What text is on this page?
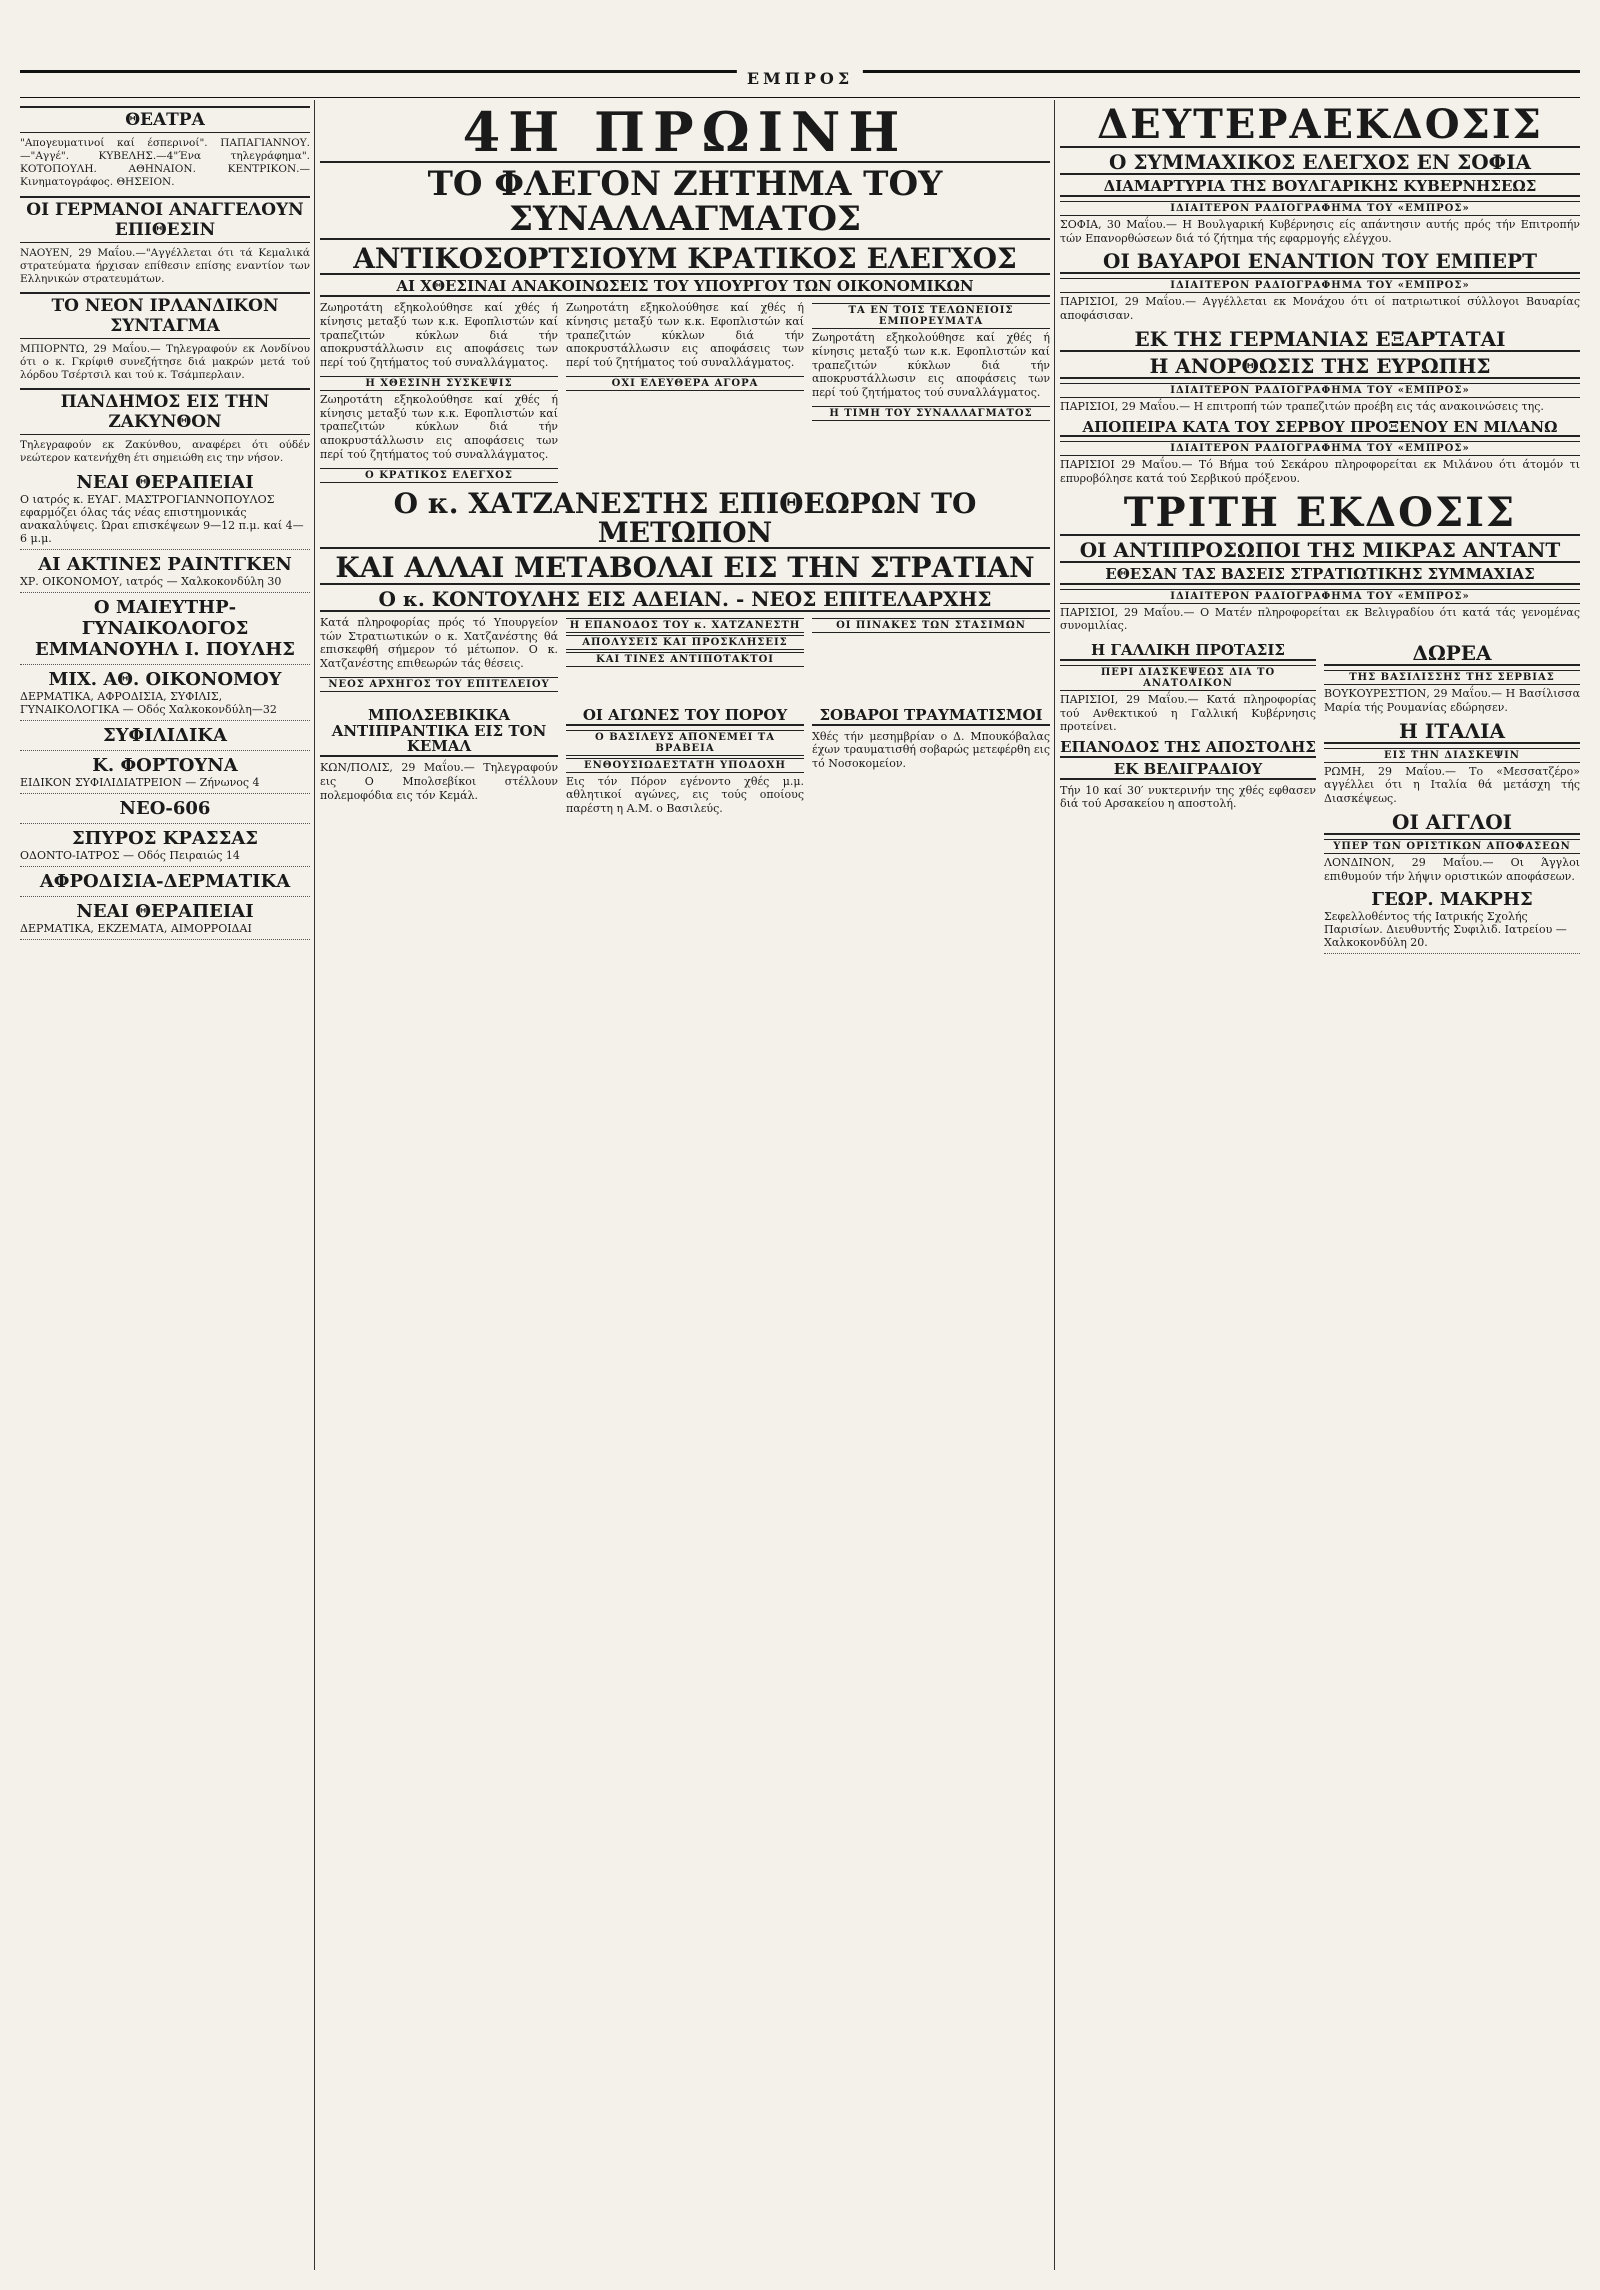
ΕΜΠΡΟΣ
ΘΕΑΤΡΑ

"Απογευματινοί καί έσπερινοί". ΠΑΠΑΓΙΑΝΝΟΥ.—"Αγγέ". ΚΥΒΕΛΗΣ.—4"Ένα τηλεγράφημα". ΚΟΤΟΠΟΥΛΗ. ΑΘΗΝΑΙΟΝ. ΚΕΝΤΡΙΚΟΝ.—Κινηματογράφος. ΘΗΣΕΙΟΝ.

ΟΙ ΓΕΡΜΑΝΟΙ ΑΝΑΓΓΕΛΟΥΝ ΕΠΙΘΕΣΙΝ

ΝΑΟΥΕΝ, 29 Μαΐου.—"Αγγέλλεται ότι τά Κεμαλικά στρατεύματα ήρχισαν επίθεσιν επίσης εναντίον των Ελληνικών στρατευμάτων.

ΤΟ ΝΕΟΝ ΙΡΛΑΝΔΙΚΟΝ ΣΥΝΤΑΓΜΑ

ΜΠΙΟΡΝΤΩ, 29 Μαΐου.— Τηλεγραφούν εκ Λονδίνου ότι ο κ. Γκρίφιθ συνεζήτησε διά μακρών μετά τού λόρδου Τσέρτσιλ και τού κ. Τσάμπερλαιν.

ΠΑΝΔΗΜΟΣ ΕΙΣ ΤΗΝ ΖΑΚΥΝΘΟΝ

Τηλεγραφούν εκ Ζακύνθου, αναφέρει ότι ούδέν νεώτερον κατενήχθη έτι σημειώθη εις την νήσον.

ΝΕΑΙ ΘΕΡΑΠΕΙΑΙ
Ο ιατρός κ. ΕΥΑΓ. ΜΑΣΤΡΟΓΙΑΝΝΟΠΟΥΛΟΣ εφαρμόζει όλας τάς νέας επιστημονικάς ανακαλύψεις. Ώραι επισκέψεων 9—12 π.μ. καί 4—6 μ.μ.
ΑΙ ΑΚΤΙΝΕΣ ΡΑΙΝΤΓΚΕΝ
ΧΡ. ΟΙΚΟΝΟΜΟΥ, ιατρός — Χαλκοκονδύλη 30
Ο ΜΑΙΕΥΤΗΡ-ΓΥΝΑΙΚΟΛΟΓΟΣ ΕΜΜΑΝΟΥΗΛ Ι. ΠΟΥΛΗΣ
ΜΙΧ. ΑΘ. ΟΙΚΟΝΟΜΟΥ
ΔΕΡΜΑΤΙΚΑ, ΑΦΡΟΔΙΣΙΑ, ΣΥΦΙΛΙΣ, ΓΥΝΑΙΚΟΛΟΓΙΚΑ — Οδός Χαλκοκονδύλη—32
ΣΥΦΙΛΙΔΙΚΑ
Κ. ΦΟΡΤΟΥΝΑ
ΕΙΔΙΚΟΝ ΣΥΦΙΛΙΔΙΑΤΡΕΙΟΝ — Ζήνωνος 4
ΝΕΟ-606
ΣΠΥΡΟΣ ΚΡΑΣΣΑΣ
ΟΔΟΝΤΟ-ΙΑΤΡΟΣ — Οδός Πειραιώς 14
ΑΦΡΟΔΙΣΙΑ-ΔΕΡΜΑΤΙΚΑ
ΝΕΑΙ ΘΕΡΑΠΕΙΑΙ
ΔΕΡΜΑΤΙΚΑ, ΕΚΖΕΜΑΤΑ, ΑΙΜΟΡΡΟΙΔΑΙ
4Η ΠΡΩΙΝΗ
ΤΟ ΦΛΕΓΟΝ ΖΗΤΗΜΑ ΤΟΥ ΣΥΝΑΛΛΑΓΜΑΤΟΣ
ΑΝΤΙΚΟΣΟΡΤΣΙΟΥΜ ΚΡΑΤΙΚΟΣ ΕΛΕΓΧΟΣ
ΑΙ ΧΘΕΣΙΝΑΙ ΑΝΑΚΟΙΝΩΣΕΙΣ ΤΟΥ ΥΠΟΥΡΓΟΥ ΤΩΝ ΟΙΚΟΝΟΜΙΚΩΝ

Ζωηροτάτη εξηκολούθησε καί χθές ή κίνησις μεταξύ των κ.κ. Εφοπλιστών καί τραπεζιτών κύκλων διά τήν αποκρυστάλλωσιν εις αποφάσεις των περί τού ζητήματος τού συναλλάγματος.

Η ΧΘΕΣΙΝΗ ΣΥΣΚΕΨΙΣ

Ζωηροτάτη εξηκολούθησε καί χθές ή κίνησις μεταξύ των κ.κ. Εφοπλιστών καί τραπεζιτών κύκλων διά τήν αποκρυστάλλωσιν εις αποφάσεις των περί τού ζητήματος τού συναλλάγματος.

Ο ΚΡΑΤΙΚΟΣ ΕΛΕΓΧΟΣ

Ζωηροτάτη εξηκολούθησε καί χθές ή κίνησις μεταξύ των κ.κ. Εφοπλιστών καί τραπεζιτών κύκλων διά τήν αποκρυστάλλωσιν εις αποφάσεις των περί τού ζητήματος τού συναλλάγματος.

ΟΧΙ ΕΛΕΥΘΕΡΑ ΑΓΟΡΑ
ΤΑ ΕΝ ΤΟΙΣ ΤΕΛΩΝΕΙΟΙΣ ΕΜΠΟΡΕΥΜΑΤΑ

Ζωηροτάτη εξηκολούθησε καί χθές ή κίνησις μεταξύ των κ.κ. Εφοπλιστών καί τραπεζιτών κύκλων διά τήν αποκρυστάλλωσιν εις αποφάσεις των περί τού ζητήματος τού συναλλάγματος.

Η ΤΙΜΗ ΤΟΥ ΣΥΝΑΛΛΑΓΜΑΤΟΣ
Ο κ. ΧΑΤΖΑΝΕΣΤΗΣ ΕΠΙΘΕΩΡΩΝ ΤΟ ΜΕΤΩΠΟΝ
ΚΑΙ ΑΛΛΑΙ ΜΕΤΑΒΟΛΑΙ ΕΙΣ ΤΗΝ ΣΤΡΑΤΙΑΝ
Ο κ. ΚΟΝΤΟΥΛΗΣ ΕΙΣ ΑΔΕΙΑΝ. - ΝΕΟΣ ΕΠΙΤΕΛΑΡΧΗΣ

Κατά πληροφορίας πρός τό Υπουργείον τών Στρατιωτικών ο κ. Χατζανέστης θά επισκεφθή σήμερον τό μέτωπον. Ο κ. Χατζανέστης επιθεωρών τάς θέσεις.

ΝΕΟΣ ΑΡΧΗΓΟΣ ΤΟΥ ΕΠΙΤΕΛΕΙΟΥ
Η ΕΠΑΝΟΔΟΣ ΤΟΥ κ. ΧΑΤΖΑΝΕΣΤΗ
ΑΠΟΛΥΣΕΙΣ ΚΑΙ ΠΡΟΣΚΛΗΣΕΙΣ
ΚΑΙ ΤΙΝΕΣ ΑΝΤΙΠΟΤΑΚΤΟΙ
ΟΙ ΠΙΝΑΚΕΣ ΤΩΝ ΣΤΑΣΙΜΩΝ
ΜΠΟΛΣΕΒΙΚΙΚΑ ΑΝΤΙΠΡΑΝΤΙΚΑ ΕΙΣ ΤΟΝ ΚΕΜΑΛ

ΚΩΝ/ΠΟΛΙΣ, 29 Μαΐου.— Τηλεγραφούν εις Ο Μπολσεβίκοι στέλλουν πολεμοφόδια εις τόν Κεμάλ.

ΟΙ ΑΓΩΝΕΣ ΤΟΥ ΠΟΡΟΥ
Ο ΒΑΣΙΛΕΥΣ ΑΠΟΝΕΜΕΙ ΤΑ ΒΡΑΒΕΙΑ
ΕΝΘΟΥΣΙΩΔΕΣΤΑΤΗ ΥΠΟΔΟΧΗ

Εις τόν Πόρον εγένοντο χθές μ.μ. αθλητικοί αγώνες, εις τούς οποίους παρέστη η Α.Μ. ο Βασιλεύς.

ΣΟΒΑΡΟΙ ΤΡΑΥΜΑΤΙΣΜΟΙ

Χθές τήν μεσημβρίαν ο Δ. Μπουκόβαλας έχων τραυματισθή σοβαρώς μετεφέρθη εις τό Νοσοκομείον.

ΔΕΥΤΕΡΑΕΚΔΟΣΙΣ
Ο ΣΥΜΜΑΧΙΚΟΣ ΕΛΕΓΧΟΣ ΕΝ ΣΟΦΙΑ
ΔΙΑΜΑΡΤΥΡΙΑ ΤΗΣ ΒΟΥΛΓΑΡΙΚΗΣ ΚΥΒΕΡΝΗΣΕΩΣ
ΙΔΙΑΙΤΕΡΟΝ ΡΑΔΙΟΓΡΑΦΗΜΑ ΤΟΥ «ΕΜΠΡΟΣ»

ΣΟΦΙΑ, 30 Μαΐου.— Η Βουλγαρική Κυβέρνησις είς απάντησιν αυτής πρός τήν Επιτροπήν τών Επανορθώσεων διά τό ζήτημα τής εφαρμογής ελέγχου.

ΟΙ ΒΑΥΑΡΟΙ ΕΝΑΝΤΙΟΝ ΤΟΥ ΕΜΠΕΡΤ
ΙΔΙΑΙΤΕΡΟΝ ΡΑΔΙΟΓΡΑΦΗΜΑ ΤΟΥ «ΕΜΠΡΟΣ»

ΠΑΡΙΣΙΟΙ, 29 Μαΐου.— Αγγέλλεται εκ Μονάχου ότι οί πατριωτικοί σύλλογοι Βαυαρίας αποφάσισαν.

ΕΚ ΤΗΣ ΓΕΡΜΑΝΙΑΣ ΕΞΑΡΤΑΤΑΙ
Η ΑΝΟΡΘΩΣΙΣ ΤΗΣ ΕΥΡΩΠΗΣ
ΙΔΙΑΙΤΕΡΟΝ ΡΑΔΙΟΓΡΑΦΗΜΑ ΤΟΥ «ΕΜΠΡΟΣ»

ΠΑΡΙΣΙΟΙ, 29 Μαΐου.— Η επιτροπή τών τραπεζιτών προέβη εις τάς ανακοινώσεις της.

ΑΠΟΠΕΙΡΑ ΚΑΤΑ ΤΟΥ ΣΕΡΒΟΥ ΠΡΟΞΕΝΟΥ ΕΝ ΜΙΛΑΝΩ
ΙΔΙΑΙΤΕΡΟΝ ΡΑΔΙΟΓΡΑΦΗΜΑ ΤΟΥ «ΕΜΠΡΟΣ»

ΠΑΡΙΣΙΟΙ 29 Μαΐου.— Τό Βήμα τού Σεκάρου πληροφορείται εκ Μιλάνου ότι άτομόν τι επυροβόλησε κατά τού Σερβικού πρόξενου.

ΤΡΙΤΗ ΕΚΔΟΣΙΣ
ΟΙ ΑΝΤΙΠΡΟΣΩΠΟΙ ΤΗΣ ΜΙΚΡΑΣ ΑΝΤΑΝΤ
ΕΘΕΣΑΝ ΤΑΣ ΒΑΣΕΙΣ ΣΤΡΑΤΙΩΤΙΚΗΣ ΣΥΜΜΑΧΙΑΣ
ΙΔΙΑΙΤΕΡΟΝ ΡΑΔΙΟΓΡΑΦΗΜΑ ΤΟΥ «ΕΜΠΡΟΣ»

ΠΑΡΙΣΙΟΙ, 29 Μαΐου.— Ο Ματέν πληροφορείται εκ Βελιγραδίου ότι κατά τάς γενομένας συνομιλίας.

Η ΓΑΛΛΙΚΗ ΠΡΟΤΑΣΙΣ
ΠΕΡΙ ΔΙΑΣΚΕΨΕΩΣ ΔΙΑ ΤΟ ΑΝΑΤΟΛΙΚΟΝ

ΠΑΡΙΣΙΟΙ, 29 Μαΐου.— Κατά πληροφορίας τού Ανθεκτικού η Γαλλική Κυβέρνησις προτείνει.

ΕΠΑΝΟΔΟΣ ΤΗΣ ΑΠΟΣΤΟΛΗΣ
ΕΚ ΒΕΛΙΓΡΑΔΙΟΥ

Τήν 10 καί 30′ νυκτερινήν της χθές εφθασεν διά τού Αρσακείου η αποστολή.

ΔΩΡΕΑ
ΤΗΣ ΒΑΣΙΛΙΣΣΗΣ ΤΗΣ ΣΕΡΒΙΑΣ

ΒΟΥΚΟΥΡΕΣΤΙΟΝ, 29 Μαΐου.— Η Βασίλισσα Μαρία τής Ρουμανίας εδώρησεν.

Η ΙΤΑΛΙΑ
ΕΙΣ ΤΗΝ ΔΙΑΣΚΕΨΙΝ

ΡΩΜΗ, 29 Μαΐου.— Το «Μεσσατζέρο» αγγέλλει ότι η Ιταλία θά μετάσχη τής Διασκέψεως.

ΟΙ ΑΓΓΛΟΙ
ΥΠΕΡ ΤΩΝ ΟΡΙΣΤΙΚΩΝ ΑΠΟΦΑΣΕΩΝ

ΛΟΝΔΙΝΟΝ, 29 Μαΐου.— Οι Άγγλοι επιθυμούν τήν λήψιν οριστικών αποφάσεων.

ΓΕΩΡ. ΜΑΚΡΗΣ
Σεφελλοθέντος τής Ιατρικής Σχολής Παρισίων. Διευθυντής Συφιλιδ. Ιατρείου — Χαλκοκονδύλη 20.
